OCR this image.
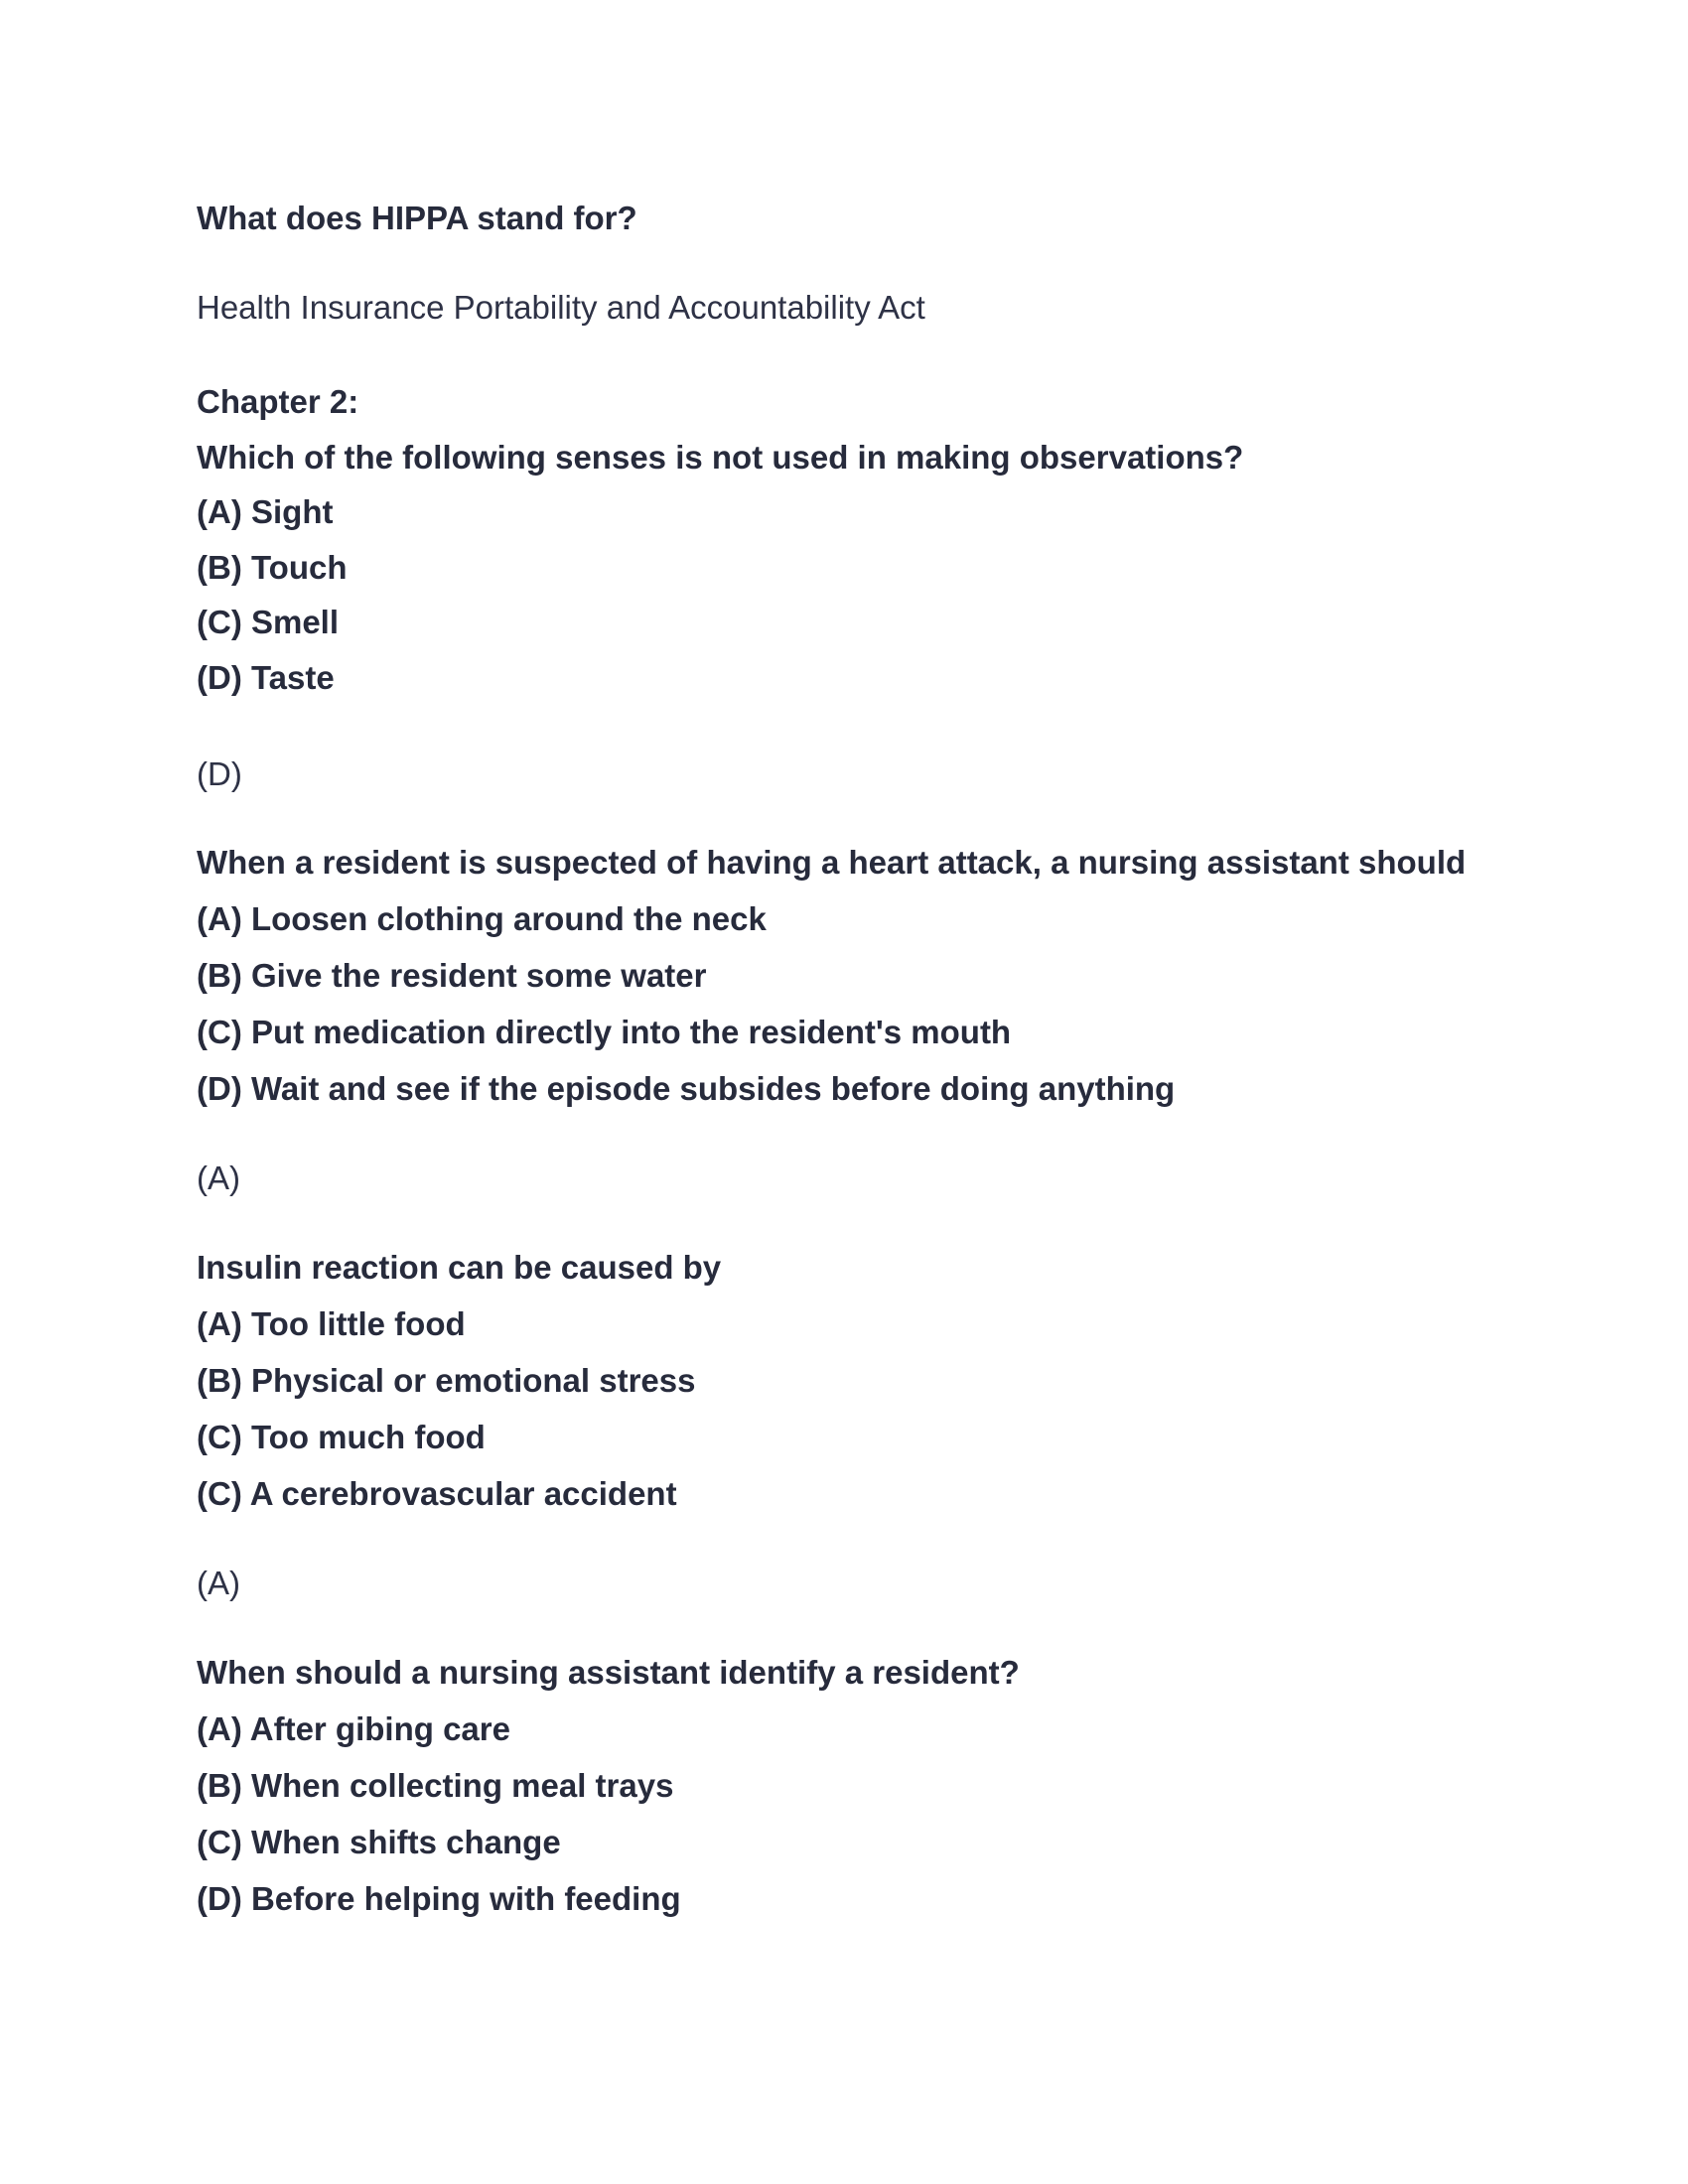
What does HIPPA stand for?
Health Insurance Portability and Accountability Act
Chapter 2:
Which of the following senses is not used in making observations?
(A) Sight
(B) Touch
(C) Smell
(D) Taste
(D)
When a resident is suspected of having a heart attack, a nursing assistant should
(A) Loosen clothing around the neck
(B) Give the resident some water
(C) Put medication directly into the resident's mouth
(D) Wait and see if the episode subsides before doing anything
(A)
Insulin reaction can be caused by
(A) Too little food
(B) Physical or emotional stress
(C) Too much food
(C) A cerebrovascular accident
(A)
When should a nursing assistant identify a resident?
(A) After gibing care
(B) When collecting meal trays
(C) When shifts change
(D) Before helping with feeding
